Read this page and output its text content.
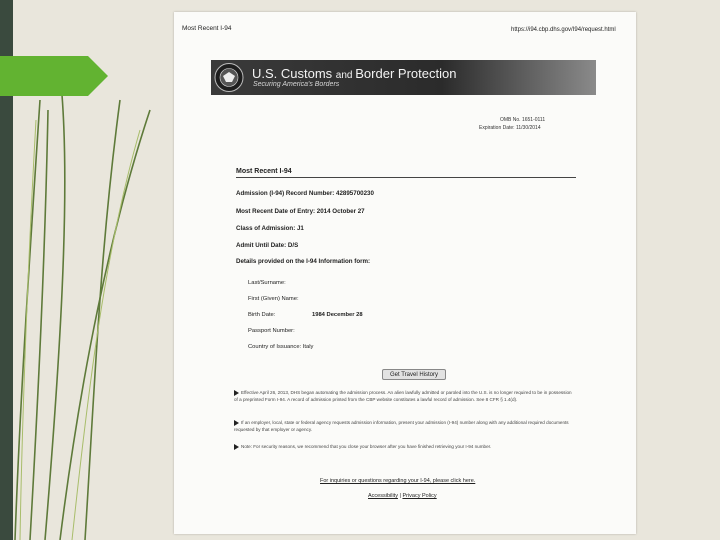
Most Recent I-94	https://i94.cbp.dhs.gov/I94/request.html
U.S. Customs and Border Protection
Securing America's Borders
OMB No. 1651-0111
Expiration Date: 11/30/2014
Most Recent I-94
Admission (I-94) Record Number: 42895700230
Most Recent Date of Entry: 2014 October 27
Class of Admission: J1
Admit Until Date: D/S
Details provided on the I-94 Information form:
Last/Surname:
First (Given) Name:
Birth Date:	1984 December 28
Passport Number:
Country of Issuance: Italy
Get Travel History
Effective April 26, 2013, DHS began automating the admission process. An alien lawfully admitted or paroled into the U.S. is no longer required to be in possession of a preprinted Form I-94. A record of admission printed from the CBP website constitutes a lawful record of admission. See 8 CFR § 1.4(d).
If an employer, local, state or federal agency requests admission information, present your admission (I-94) number along with any additional required documents requested by that employer or agency.
Note: For security reasons, we recommend that you close your browser after you have finished retrieving your I-94 number.
For inquiries or questions regarding your I-94, please click here.
Accessibility | Privacy Policy
